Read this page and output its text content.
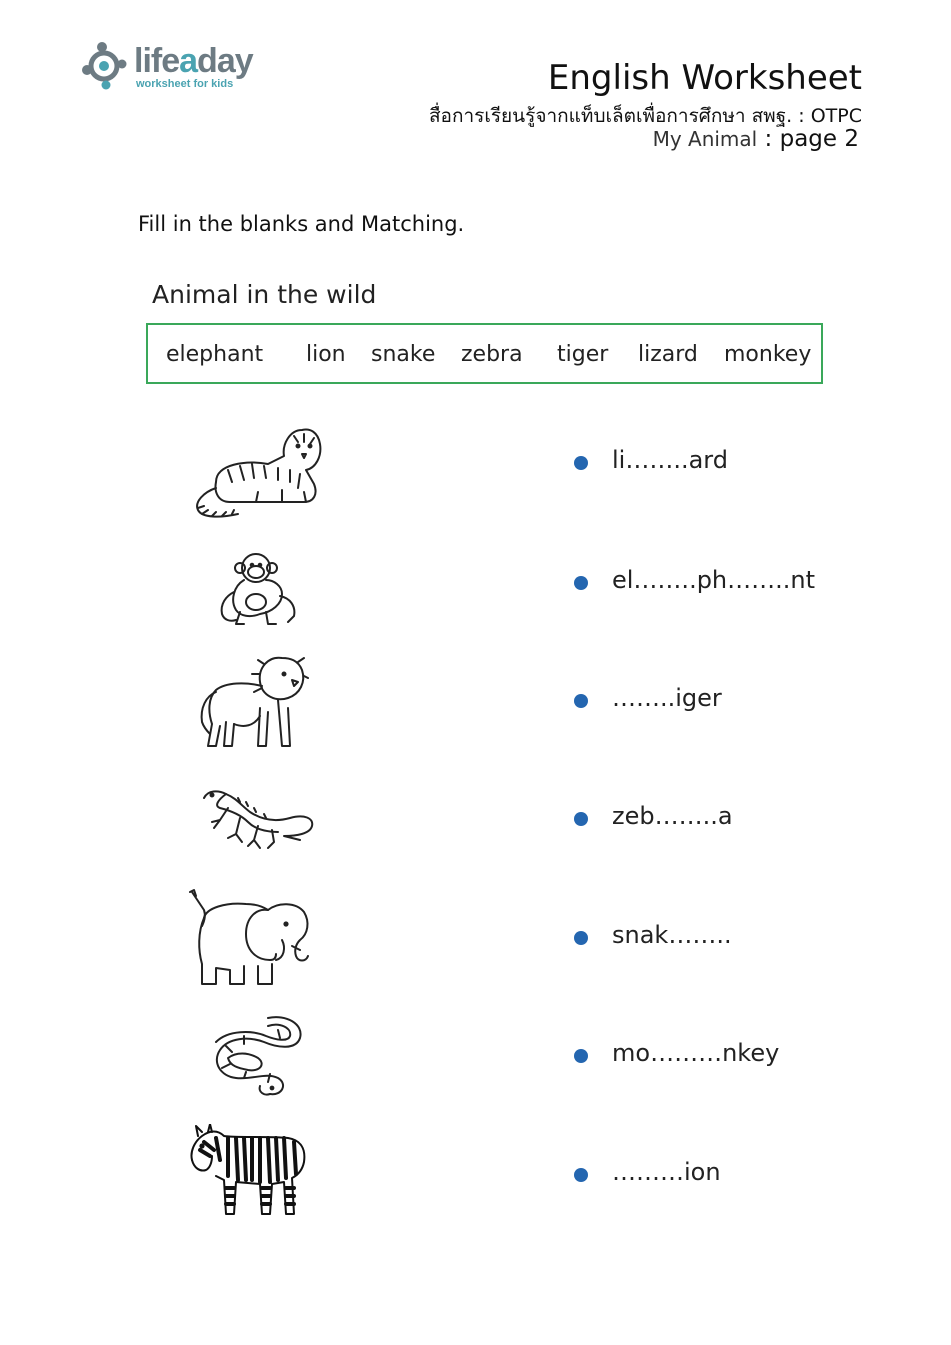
lifeaday
worksheet for kids	English Worksheet
สื่อการเรียนรู้จากแท็บเล็ตเพื่อการศึกษา สพฐ. : OTPC
My Animal : page 2
Fill in the blanks and Matching.
Animal in the wild
elephant lion snake zebra tiger lizard monkey
li……..ard
el……..ph……..nt
……..iger
zeb……..a
snak……..
mo………nkey
………ion
